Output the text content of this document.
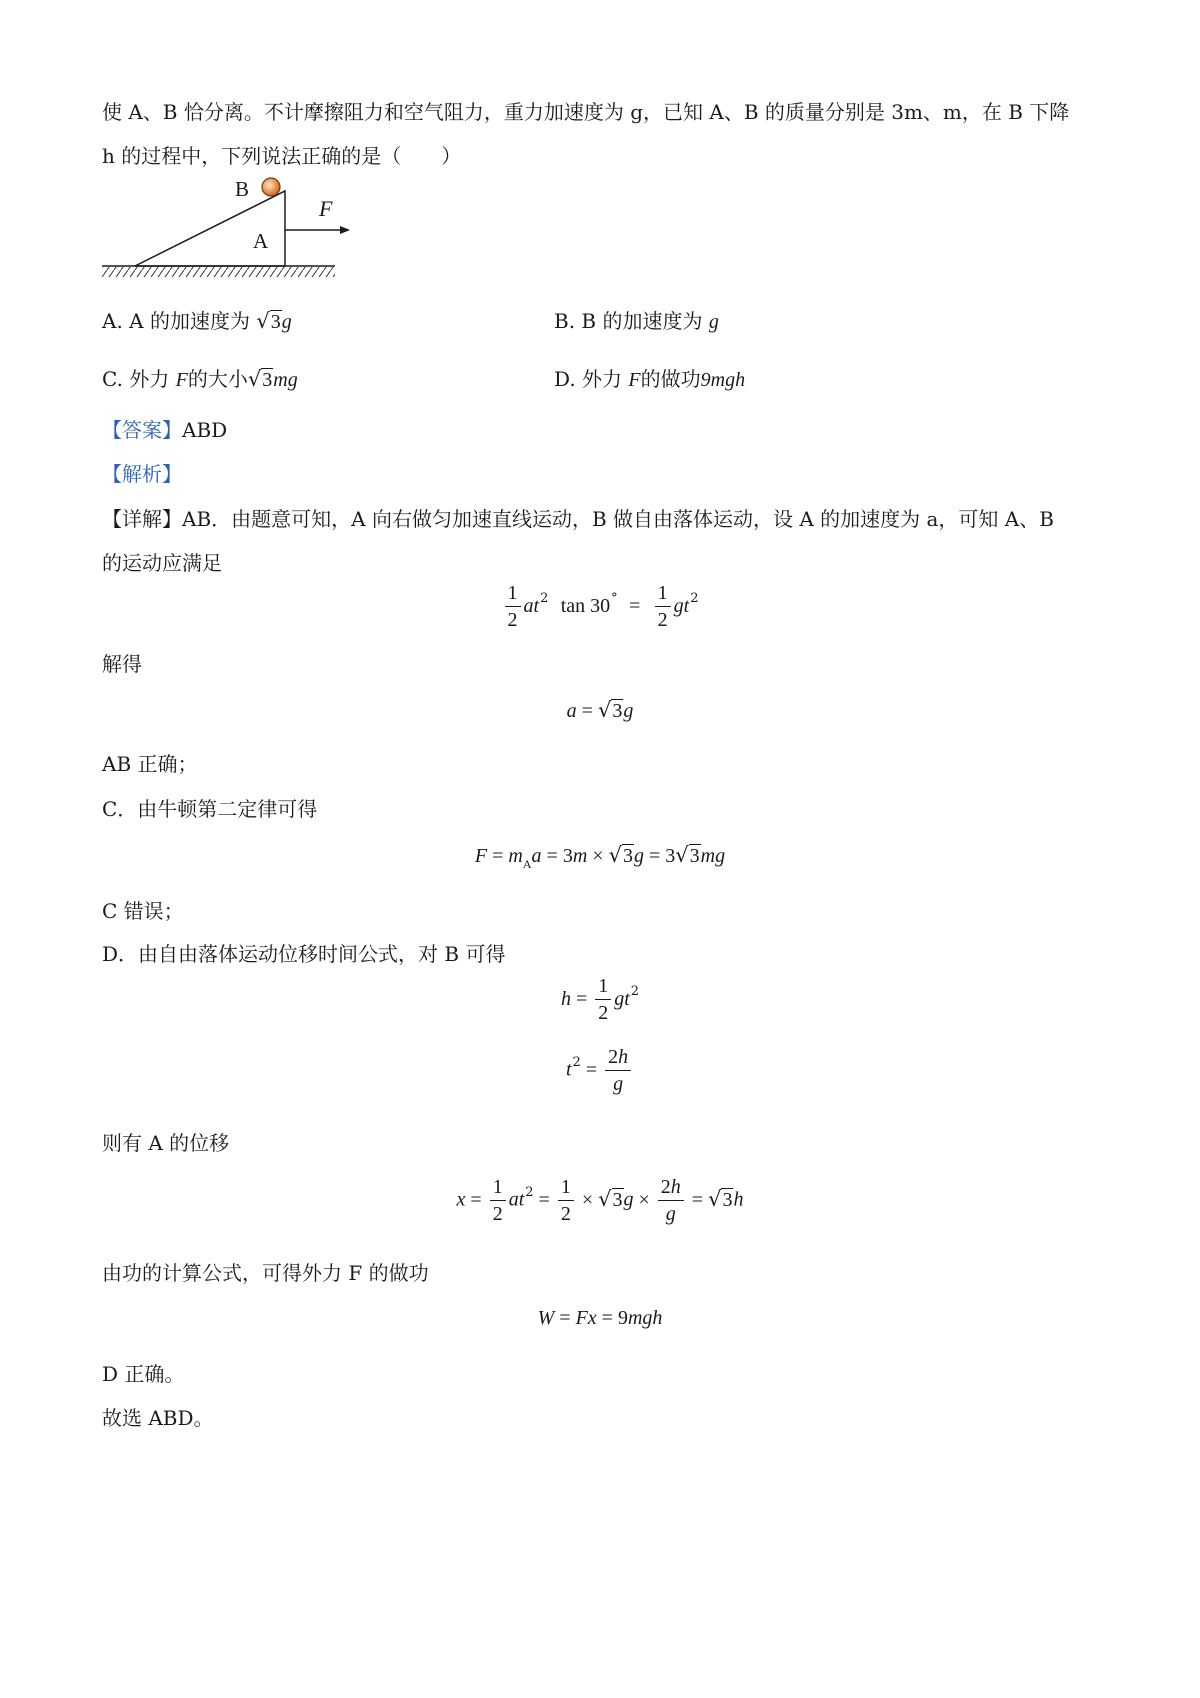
使 A、B 恰分离。不计摩擦阻力和空气阻力，重力加速度为 g，已知 A、B 的质量分别是 3m、m，在 B 下降
h 的过程中，下列说法正确的是（　　）
B
A
F
A. A 的加速度为 √3g	B. B 的加速度为 g
C. 外力 F的大小√3mg	D. 外力 F的做功9mgh
【答案】ABD
【解析】
【详解】AB．由题意可知，A 向右做匀加速直线运动，B 做自由落体运动，设 A 的加速度为 a，可知 A、B
的运动应满足
$\frac{1}{2} at^2$ $\tan 30^\circ = \frac{1}{2} gt^2$
解得
a = √3g
AB 正确；
C．由牛顿第二定律可得
$F = m_Aa = 3m \times √3g = 3√3mg$
C 错误；
D．由自由落体运动位移时间公式，对 B 可得
$h = \frac{1}{2} gt^2$
$t^2 = \frac{2h}{g}$
则有 A 的位移
$x = \frac{1}{2} at^2 = \frac{1}{2} \times √3g \times \frac{2h}{g} = √3h$
由功的计算公式，可得外力 F 的做功
W = Fx = 9mgh
D 正确。
故选 ABD。
